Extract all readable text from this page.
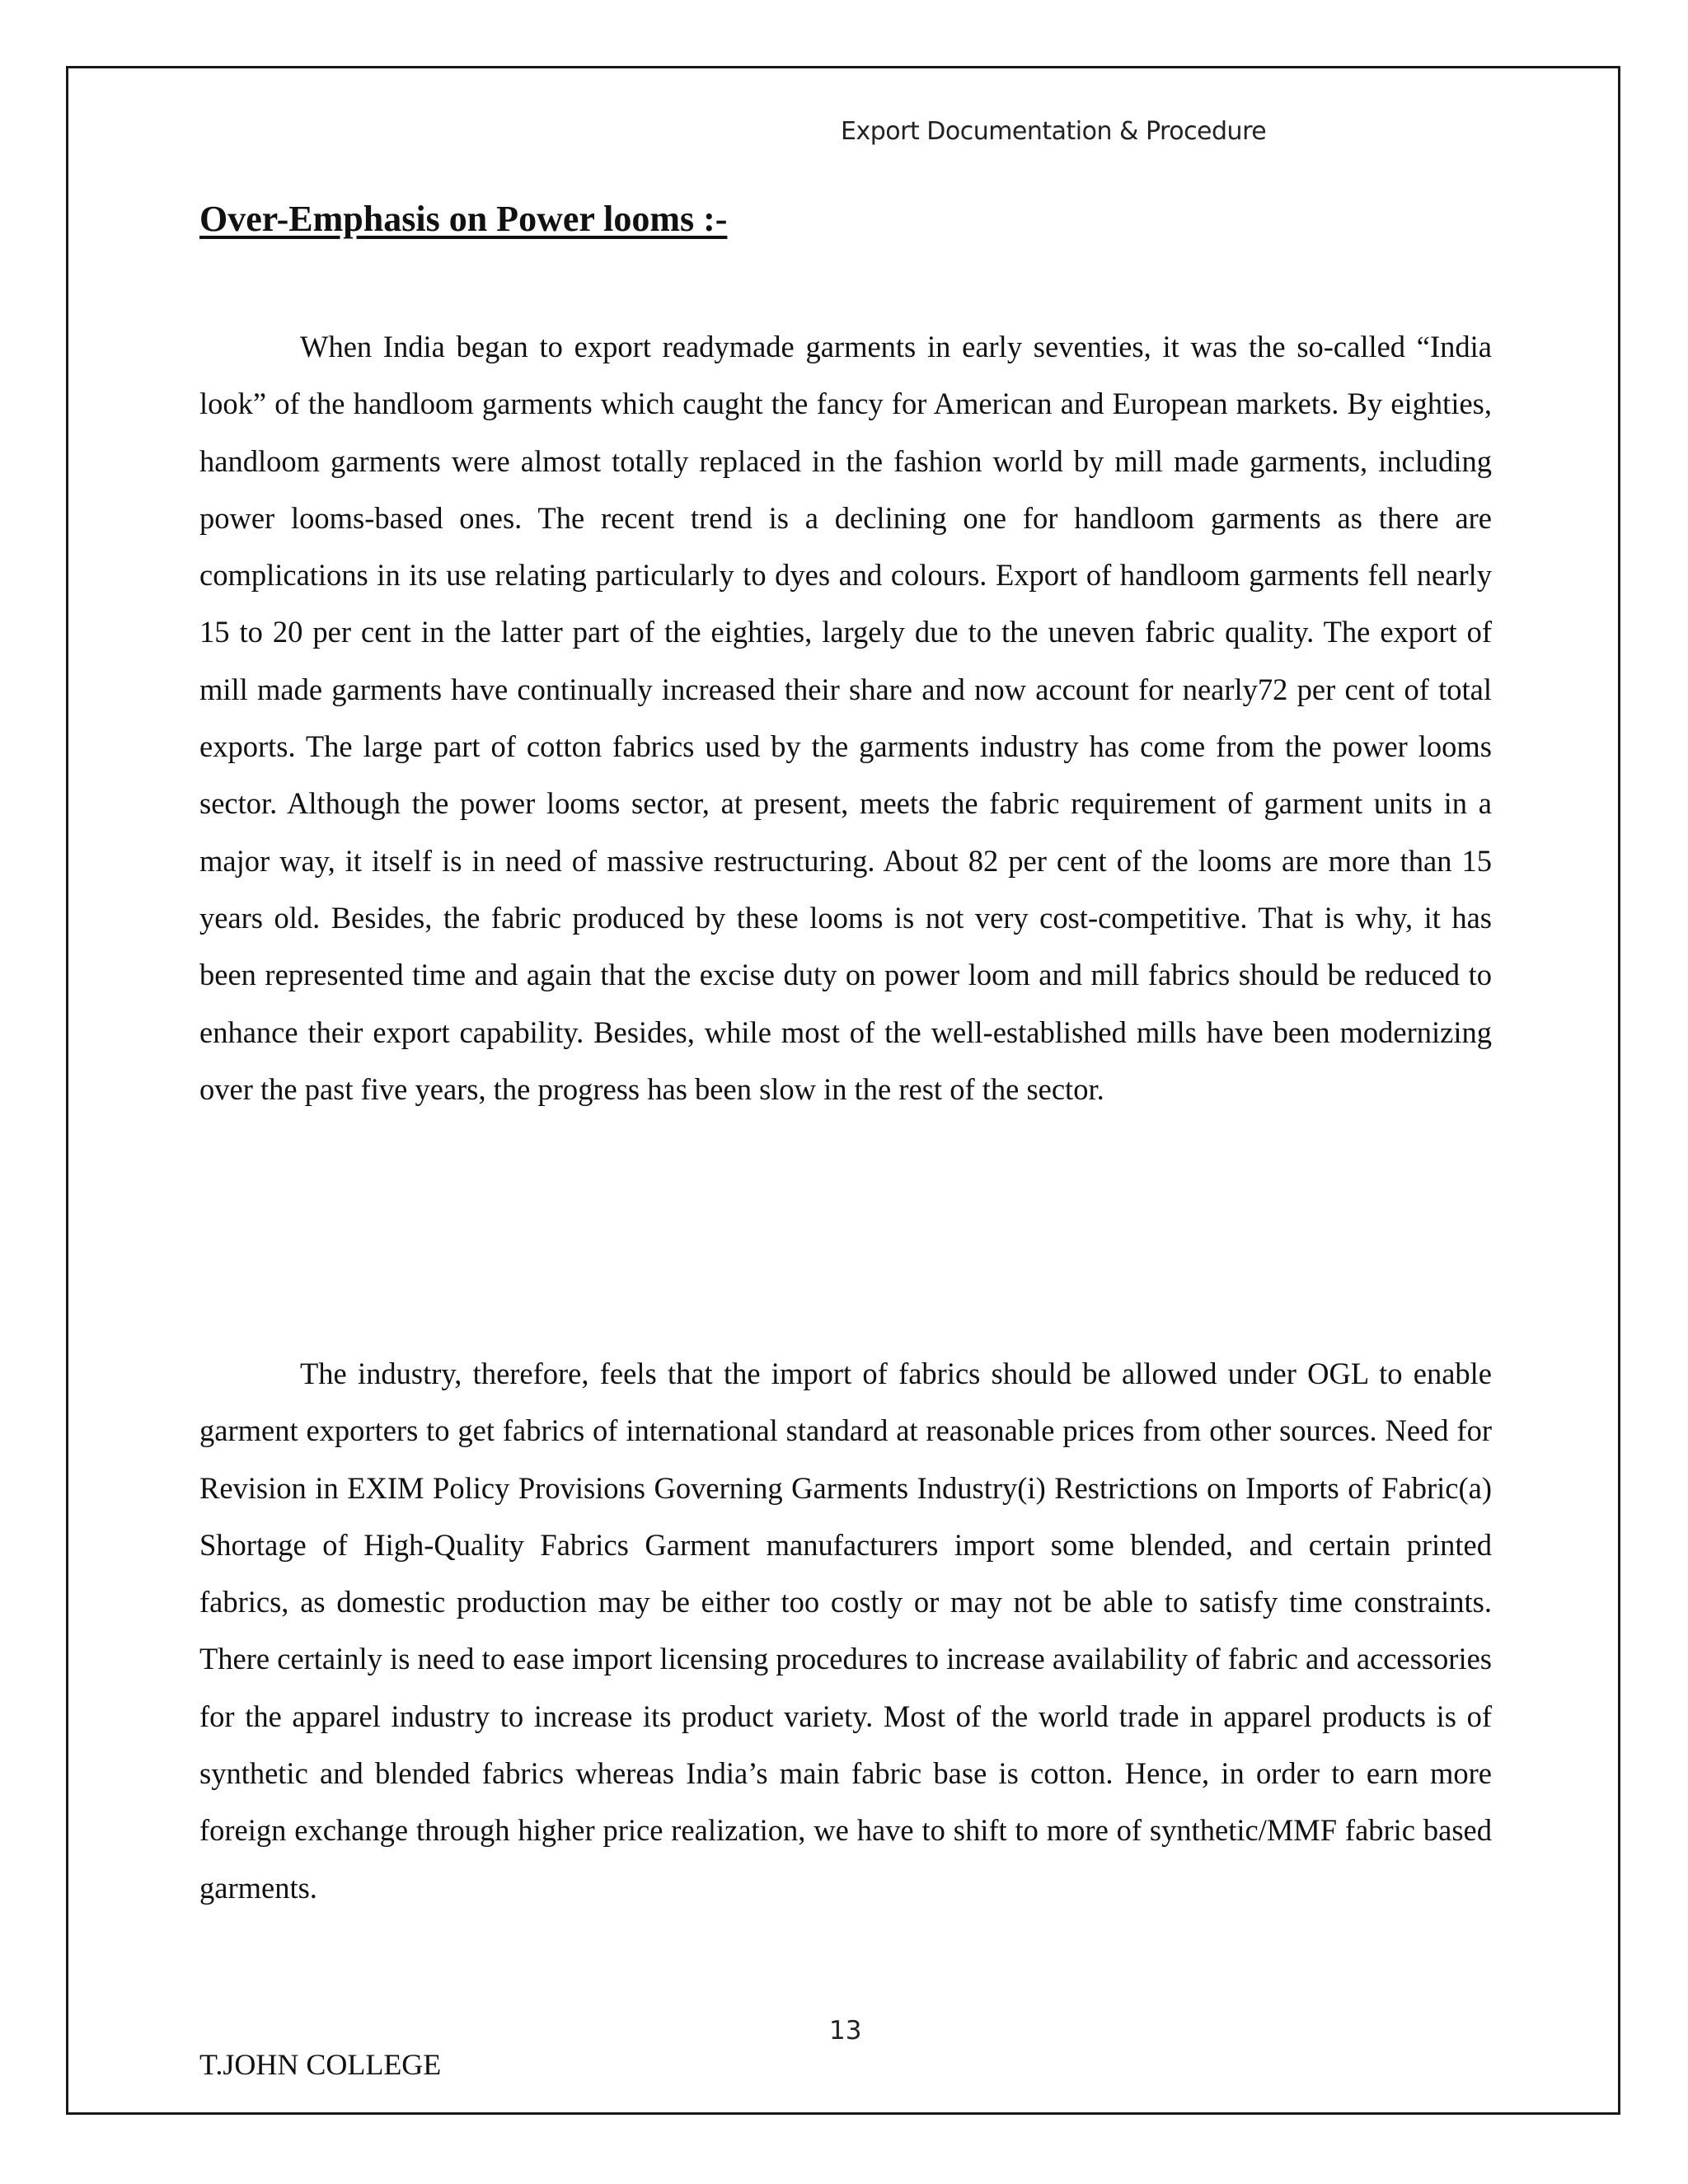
Export Documentation & Procedure
Over-Emphasis on Power looms :-

When India began to export readymade garments in early seventies, it was the so-called “India look” of the handloom garments which caught the fancy for American and European markets. By eighties, handloom garments were almost totally replaced in the fashion world by mill made garments, including power looms-based ones. The recent trend is a declining one for handloom garments as there are complications in its use relating particularly to dyes and colours. Export of handloom garments fell nearly 15 to 20 per cent in the latter part of the eighties, largely due to the uneven fabric quality. The export of mill made garments have continually increased their share and now account for nearly72 per cent of total exports. The large part of cotton fabrics used by the garments industry has come from the power looms sector. Although the power looms sector, at present, meets the fabric requirement of garment units in a major way, it itself is in need of massive restructuring. About 82 per cent of the looms are more than 15 years old. Besides, the fabric produced by these looms is not very cost-competitive. That is why, it has been represented time and again that the excise duty on power loom and mill fabrics should be reduced to enhance their export capability. Besides, while most of the well-established mills have been modernizing over the past five years, the progress has been slow in the rest of the sector.

The industry, therefore, feels that the import of fabrics should be allowed under OGL to enable garment exporters to get fabrics of international standard at reasonable prices from other sources. Need for Revision in EXIM Policy Provisions Governing Garments Industry(i) Restrictions on Imports of Fabric(a) Shortage of High-Quality Fabrics Garment manufacturers import some blended, and certain printed fabrics, as domestic production may be either too costly or may not be able to satisfy time constraints. There certainly is need to ease import licensing procedures to increase availability of fabric and accessories for the apparel industry to increase its product variety. Most of the world trade in apparel products is of synthetic and blended fabrics whereas India’s main fabric base is cotton. Hence, in order to earn more foreign exchange through higher price realization, we have to shift to more of synthetic/MMF fabric based garments.

13
T.JOHN COLLEGE
